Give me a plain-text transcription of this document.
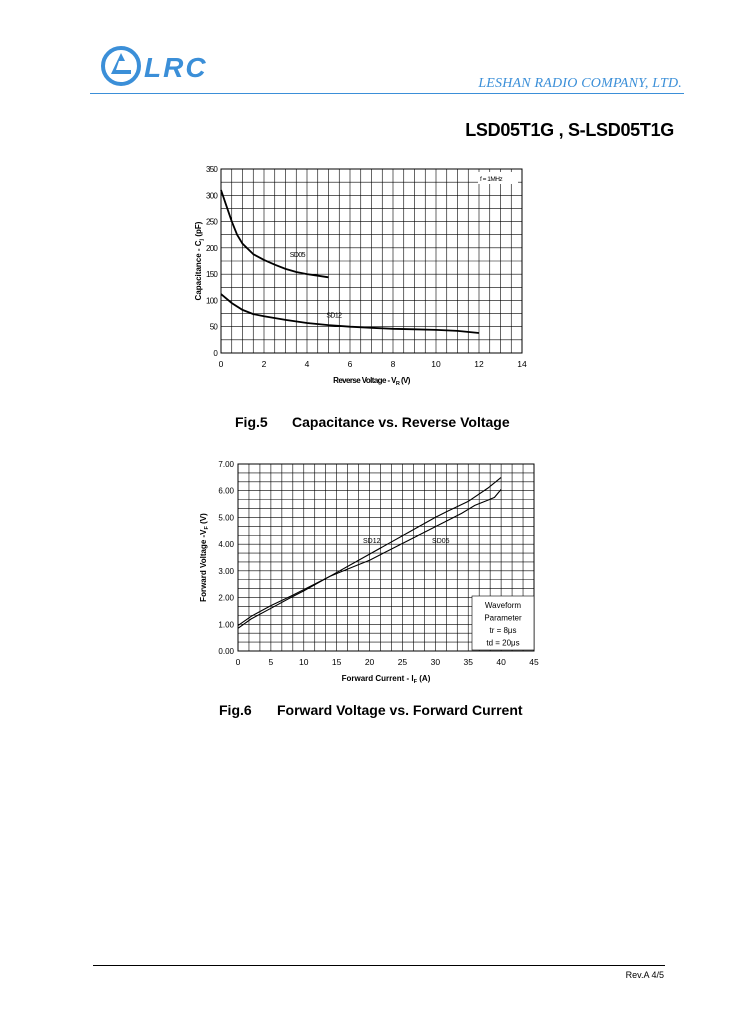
LRC
LESHAN RADIO COMPANY, LTD.
LSD05T1G , S-LSD05T1G
0	2	4	6	8	10	12	14
0
50
100
150
200
250
300
350
Reverse Voltage - $V_R$ (V)
Capacitance - $C_j$ (pF)
SD05
SD12
f = 1MHz
Fig.5 Capacitance vs. Reverse Voltage
0	5	10	15	20	25	30	35	40	45
0.00
1.00
2.00
3.00
4.00
5.00
6.00
7.00
Forward Current - $I_F$ (A)
Forward Voltage $-V_F$ (V)
SD12	SD05
Waveform
Parameter
tr = 8μs
td = 20μs
Fig.6 Forward Voltage vs. Forward Current
Rev.A 4/5
